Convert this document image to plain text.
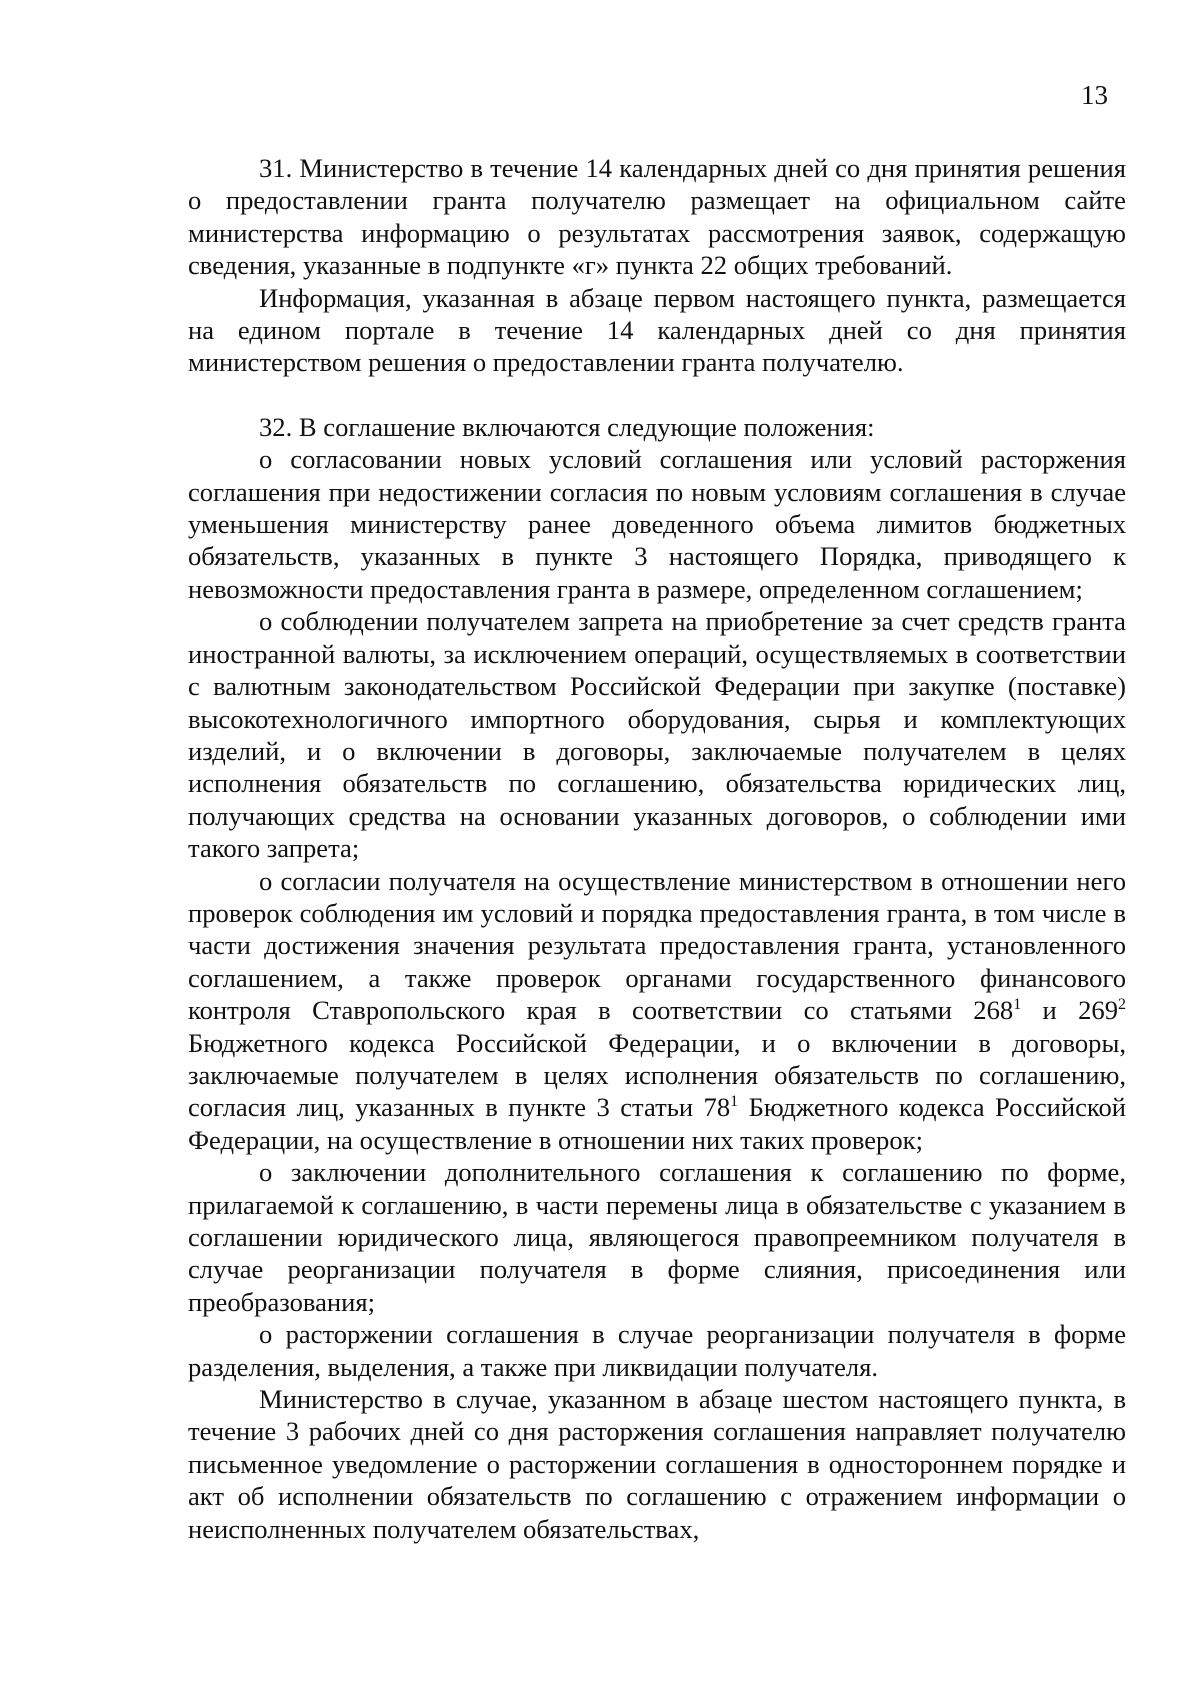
13

31. Министерство в течение 14 календарных дней со дня принятия решения о предоставлении гранта получателю размещает на официальном сайте министерства информацию о результатах рассмотрения заявок, содержащую сведения, указанные в подпункте «г» пункта 22 общих требований.

Информация, указанная в абзаце первом настоящего пункта, размещается на едином портале в течение 14 календарных дней со дня принятия министерством решения о предоставлении гранта получателю.

32. В соглашение включаются следующие положения:

о согласовании новых условий соглашения или условий расторжения соглашения при недостижении согласия по новым условиям соглашения в случае уменьшения министерству ранее доведенного объема лимитов бюджетных обязательств, указанных в пункте 3 настоящего Порядка, приводящего к невозможности предоставления гранта в размере, определенном соглашением;

о соблюдении получателем запрета на приобретение за счет средств гранта иностранной валюты, за исключением операций, осуществляемых в соответствии с валютным законодательством Российской Федерации при закупке (поставке) высокотехнологичного импортного оборудования, сырья и комплектующих изделий, и о включении в договоры, заключаемые получателем в целях исполнения обязательств по соглашению, обязательства юридических лиц, получающих средства на основании указанных договоров, о соблюдении ими такого запрета;

о согласии получателя на осуществление министерством в отношении него проверок соблюдения им условий и порядка предоставления гранта, в том числе в части достижения значения результата предоставления гранта, установленного соглашением, а также проверок органами государственного финансового контроля Ставропольского края в соответствии со статьями $268^1$ и $269^2$ Бюджетного кодекса Российской Федерации, и о включении в договоры, заключаемые получателем в целях исполнения обязательств по соглашению, согласия лиц, указанных в пункте 3 статьи $78^1$ Бюджетного кодекса Российской Федерации, на осуществление в отношении них таких проверок;

о заключении дополнительного соглашения к соглашению по форме, прилагаемой к соглашению, в части перемены лица в обязательстве с указанием в соглашении юридического лица, являющегося правопреемником получателя в случае реорганизации получателя в форме слияния, присоединения или преобразования;

о расторжении соглашения в случае реорганизации получателя в форме разделения, выделения, а также при ликвидации получателя.

Министерство в случае, указанном в абзаце шестом настоящего пункта, в течение 3 рабочих дней со дня расторжения соглашения направляет получателю письменное уведомление о расторжении соглашения в одностороннем порядке и акт об исполнении обязательств по соглашению с отражением информации о неисполненных получателем обязательствах,
